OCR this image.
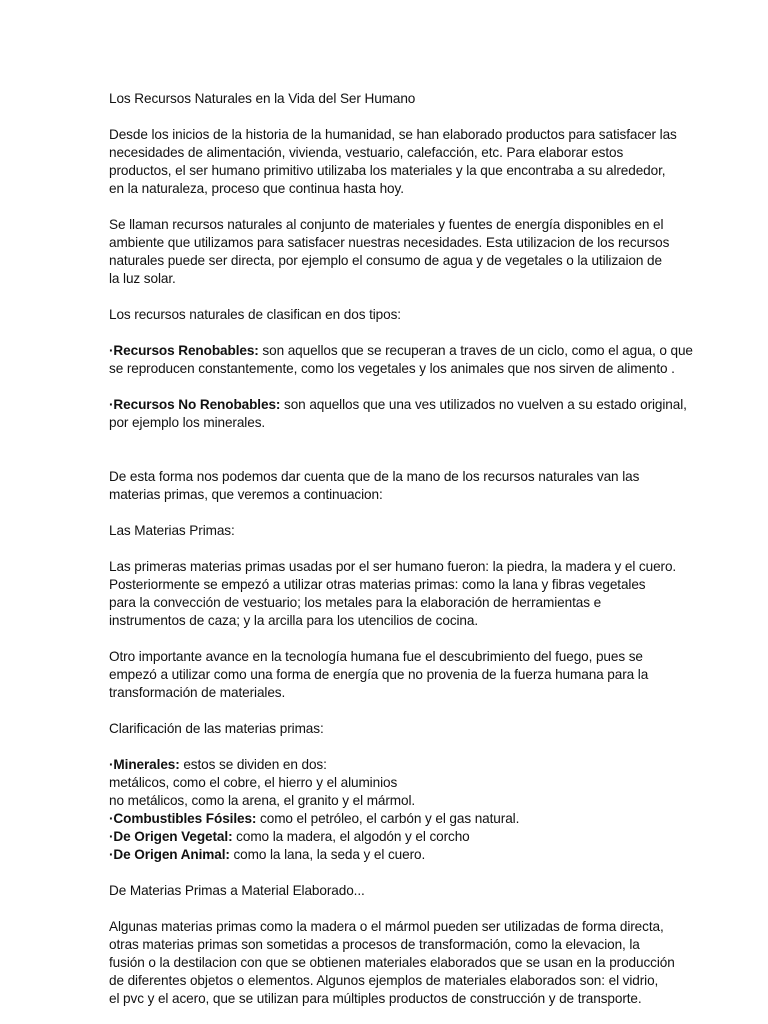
Los Recursos Naturales en la Vida del Ser Humano

Desde los inicios de la historia de la humanidad, se han elaborado productos para satisfacer las
necesidades de alimentación, vivienda, vestuario, calefacción, etc. Para elaborar estos
productos, el ser humano primitivo utilizaba los materiales y la que encontraba a su alrededor,
en la naturaleza, proceso que continua hasta hoy.

Se llaman recursos naturales al conjunto de materiales y fuentes de energía disponibles en el
ambiente que utilizamos para satisfacer nuestras necesidades. Esta utilizacion de los recursos
naturales puede ser directa, por ejemplo el consumo de agua y de vegetales o la utilizaion de
la luz solar.

Los recursos naturales de clasifican en dos tipos:

·Recursos Renobables: son aquellos que se recuperan a traves de un ciclo, como el agua, o que
se reproducen constantemente, como los vegetales y los animales que nos sirven de alimento .

·Recursos No Renobables: son aquellos que una ves utilizados no vuelven a su estado original,
por ejemplo los minerales.

De esta forma nos podemos dar cuenta que de la mano de los recursos naturales van las
materias primas, que veremos a continuacion:

Las Materias Primas:

Las primeras materias primas usadas por el ser humano fueron: la piedra, la madera y el cuero.
Posteriormente se empezó a utilizar otras materias primas: como la lana y fibras vegetales
para la convección de vestuario; los metales para la elaboración de herramientas e
instrumentos de caza; y la arcilla para los utencilios de cocina.

Otro importante avance en la tecnología humana fue el descubrimiento del fuego, pues se
empezó a utilizar como una forma de energía que no provenia de la fuerza humana para la
transformación de materiales.

Clarificación de las materias primas:

·Minerales: estos se dividen en dos:
metálicos, como el cobre, el hierro y el aluminios
no metálicos, como la arena, el granito y el mármol.
·Combustibles Fósiles: como el petróleo, el carbón y el gas natural.
·De Origen Vegetal: como la madera, el algodón y el corcho
·De Origen Animal: como la lana, la seda y el cuero.

De Materias Primas a Material Elaborado...

Algunas materias primas como la madera o el mármol pueden ser utilizadas de forma directa,
otras materias primas son sometidas a procesos de transformación, como la elevacion, la
fusión o la destilacion con que se obtienen materiales elaborados que se usan en la producción
de diferentes objetos o elementos. Algunos ejemplos de materiales elaborados son: el vidrio,
el pvc y el acero, que se utilizan para múltiples productos de construcción y de transporte.
